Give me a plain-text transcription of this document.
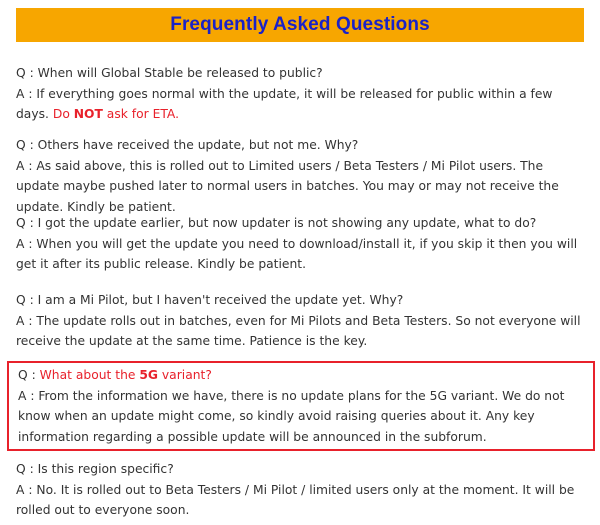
Frequently Asked Questions

Q : When will Global Stable be released to public?

A : If everything goes normal with the update, it will be released for public within a few days. Do NOT ask for ETA.

Q : Others have received the update, but not me. Why?

A : As said above, this is rolled out to Limited users / Beta Testers / Mi Pilot users. The update maybe pushed later to normal users in batches. You may or may not receive the update. Kindly be patient.

Q : I got the update earlier, but now updater is not showing any update, what to do?

A : When you will get the update you need to download/install it, if you skip it then you will get it after its public release. Kindly be patient.

Q : I am a Mi Pilot, but I haven't received the update yet. Why?

A : The update rolls out in batches, even for Mi Pilots and Beta Testers. So not everyone will receive the update at the same time. Patience is the key.

Q : What about the 5G variant?

A : From the information we have, there is no update plans for the 5G variant. We do not know when an update might come, so kindly avoid raising queries about it. Any key information regarding a possible update will be announced in the subforum.

Q : Is this region specific?

A : No. It is rolled out to Beta Testers / Mi Pilot / limited users only at the moment. It will be rolled out to everyone soon.
